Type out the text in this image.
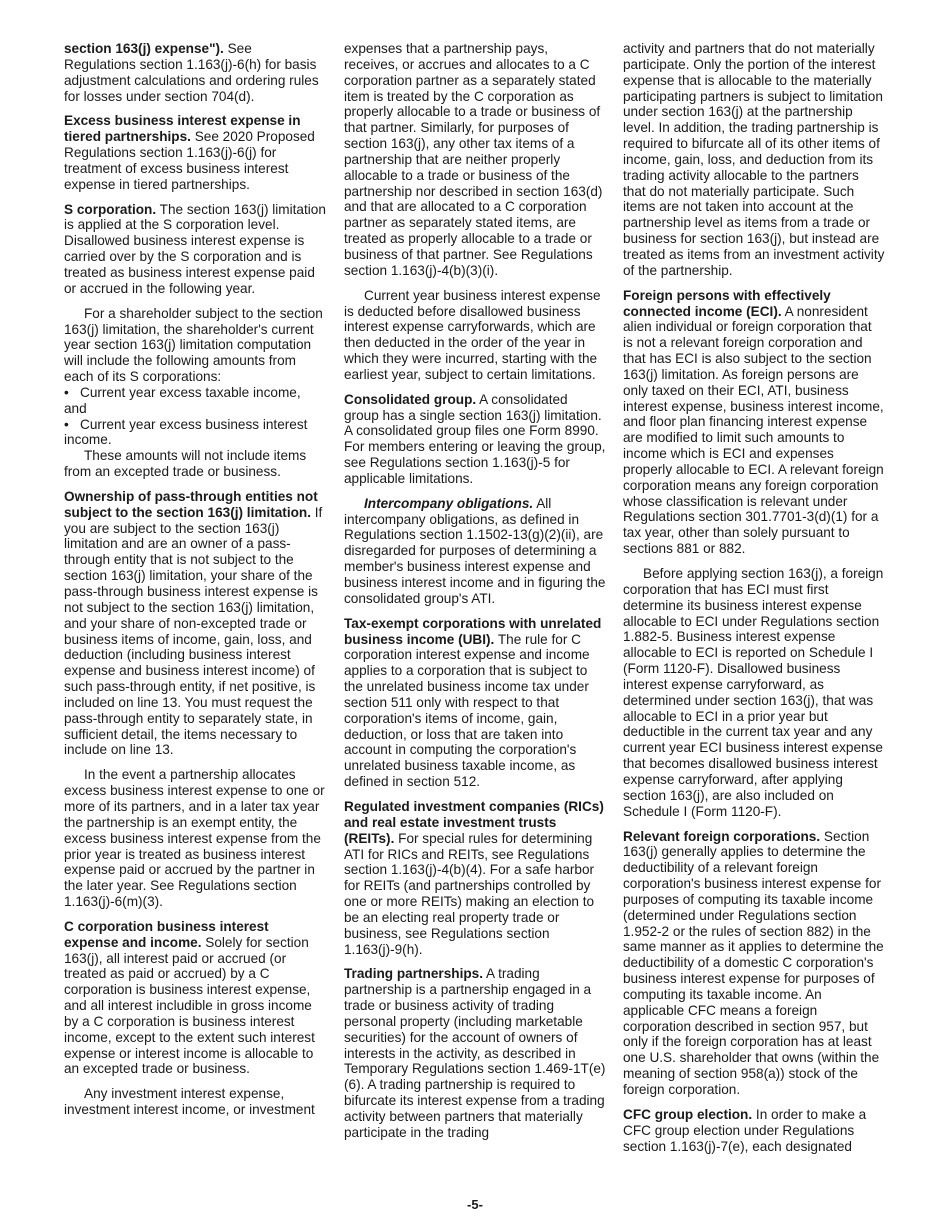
section 163(j) expense"). See Regulations section 1.163(j)-6(h) for basis adjustment calculations and ordering rules for losses under section 704(d).

Excess business interest expense in tiered partnerships. See 2020 Proposed Regulations section 1.163(j)-6(j) for treatment of excess business interest expense in tiered partnerships.

S corporation. The section 163(j) limitation is applied at the S corporation level. Disallowed business interest expense is carried over by the S corporation and is treated as business interest expense paid or accrued in the following year.

For a shareholder subject to the section 163(j) limitation, the shareholder's current year section 163(j) limitation computation will include the following amounts from each of its S corporations:

• Current year excess taxable income, and

• Current year excess business interest income.

These amounts will not include items from an excepted trade or business.

Ownership of pass-through entities not subject to the section 163(j) limitation. If you are subject to the section 163(j) limitation and are an owner of a pass-through entity that is not subject to the section 163(j) limitation, your share of the pass-through business interest expense is not subject to the section 163(j) limitation, and your share of non-excepted trade or business items of income, gain, loss, and deduction (including business interest expense and business interest income) of such pass-through entity, if net positive, is included on line 13. You must request the pass-through entity to separately state, in sufficient detail, the items necessary to include on line 13.

In the event a partnership allocates excess business interest expense to one or more of its partners, and in a later tax year the partnership is an exempt entity, the excess business interest expense from the prior year is treated as business interest expense paid or accrued by the partner in the later year. See Regulations section 1.163(j)-6(m)(3).

C corporation business interest expense and income. Solely for section 163(j), all interest paid or accrued (or treated as paid or accrued) by a C corporation is business interest expense, and all interest includible in gross income by a C corporation is business interest income, except to the extent such interest expense or interest income is allocable to an excepted trade or business.

Any investment interest expense, investment interest income, or investment

expenses that a partnership pays, receives, or accrues and allocates to a C corporation partner as a separately stated item is treated by the C corporation as properly allocable to a trade or business of that partner. Similarly, for purposes of section 163(j), any other tax items of a partnership that are neither properly allocable to a trade or business of the partnership nor described in section 163(d) and that are allocated to a C corporation partner as separately stated items, are treated as properly allocable to a trade or business of that partner. See Regulations section 1.163(j)-4(b)(3)(i).

Current year business interest expense is deducted before disallowed business interest expense carryforwards, which are then deducted in the order of the year in which they were incurred, starting with the earliest year, subject to certain limitations.

Consolidated group. A consolidated group has a single section 163(j) limitation. A consolidated group files one Form 8990. For members entering or leaving the group, see Regulations section 1.163(j)-5 for applicable limitations.

Intercompany obligations. All intercompany obligations, as defined in Regulations section 1.1502-13(g)(2)(ii), are disregarded for purposes of determining a member's business interest expense and business interest income and in figuring the consolidated group's ATI.

Tax-exempt corporations with unrelated business income (UBI). The rule for C corporation interest expense and income applies to a corporation that is subject to the unrelated business income tax under section 511 only with respect to that corporation's items of income, gain, deduction, or loss that are taken into account in computing the corporation's unrelated business taxable income, as defined in section 512.

Regulated investment companies (RICs) and real estate investment trusts (REITs). For special rules for determining ATI for RICs and REITs, see Regulations section 1.163(j)-4(b)(4). For a safe harbor for REITs (and partnerships controlled by one or more REITs) making an election to be an electing real property trade or business, see Regulations section 1.163(j)-9(h).

Trading partnerships. A trading partnership is a partnership engaged in a trade or business activity of trading personal property (including marketable securities) for the account of owners of interests in the activity, as described in Temporary Regulations section 1.469-1T(e)(6). A trading partnership is required to bifurcate its interest expense from a trading activity between partners that materially participate in the trading

activity and partners that do not materially participate. Only the portion of the interest expense that is allocable to the materially participating partners is subject to limitation under section 163(j) at the partnership level. In addition, the trading partnership is required to bifurcate all of its other items of income, gain, loss, and deduction from its trading activity allocable to the partners that do not materially participate. Such items are not taken into account at the partnership level as items from a trade or business for section 163(j), but instead are treated as items from an investment activity of the partnership.

Foreign persons with effectively connected income (ECI). A nonresident alien individual or foreign corporation that is not a relevant foreign corporation and that has ECI is also subject to the section 163(j) limitation. As foreign persons are only taxed on their ECI, ATI, business interest expense, business interest income, and floor plan financing interest expense are modified to limit such amounts to income which is ECI and expenses properly allocable to ECI. A relevant foreign corporation means any foreign corporation whose classification is relevant under Regulations section 301.7701-3(d)(1) for a tax year, other than solely pursuant to sections 881 or 882.

Before applying section 163(j), a foreign corporation that has ECI must first determine its business interest expense allocable to ECI under Regulations section 1.882-5. Business interest expense allocable to ECI is reported on Schedule I (Form 1120-F). Disallowed business interest expense carryforward, as determined under section 163(j), that was allocable to ECI in a prior year but deductible in the current tax year and any current year ECI business interest expense that becomes disallowed business interest expense carryforward, after applying section 163(j), are also included on Schedule I (Form 1120-F).

Relevant foreign corporations. Section 163(j) generally applies to determine the deductibility of a relevant foreign corporation's business interest expense for purposes of computing its taxable income (determined under Regulations section 1.952-2 or the rules of section 882) in the same manner as it applies to determine the deductibility of a domestic C corporation's business interest expense for purposes of computing its taxable income. An applicable CFC means a foreign corporation described in section 957, but only if the foreign corporation has at least one U.S. shareholder that owns (within the meaning of section 958(a)) stock of the foreign corporation.

CFC group election. In order to make a CFC group election under Regulations section 1.163(j)-7(e), each designated

-5-
